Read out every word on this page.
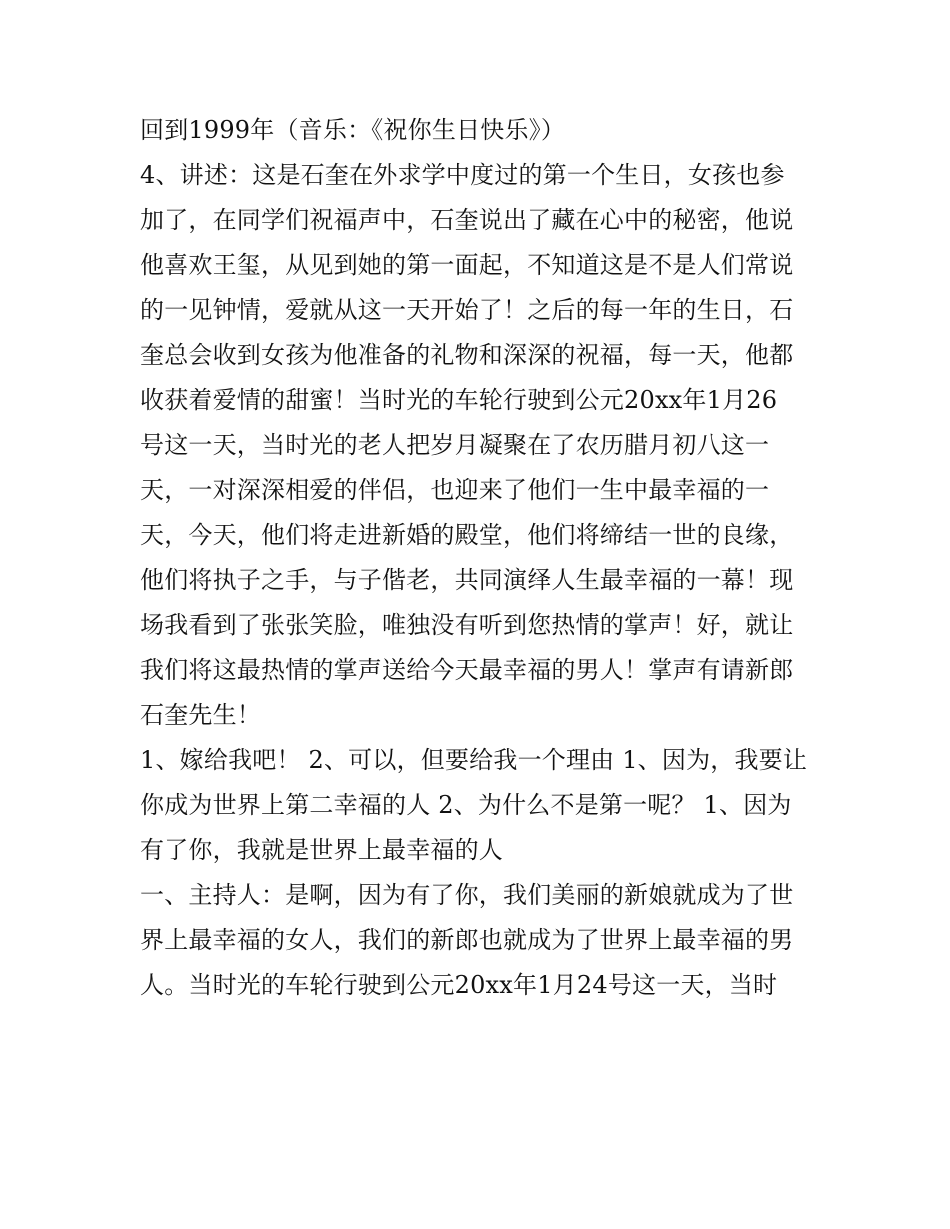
回到1999年（音乐：《祝你生日快乐》）
4、讲述：这是石奎在外求学中度过的第一个生日，女孩也参
加了，在同学们祝福声中，石奎说出了藏在心中的秘密，他说
他喜欢王玺，从见到她的第一面起，不知道这是不是人们常说
的一见钟情，爱就从这一天开始了！之后的每一年的生日，石
奎总会收到女孩为他准备的礼物和深深的祝福，每一天，他都
收获着爱情的甜蜜！当时光的车轮行驶到公元20xx年1月26
号这一天，当时光的老人把岁月凝聚在了农历腊月初八这一
天，一对深深相爱的伴侣，也迎来了他们一生中最幸福的一
天，今天，他们将走进新婚的殿堂，他们将缔结一世的良缘，
他们将执子之手，与子偕老，共同演绎人生最幸福的一幕！现
场我看到了张张笑脸，唯独没有听到您热情的掌声！好，就让
我们将这最热情的掌声送给今天最幸福的男人！掌声有请新郎
石奎先生！
1、嫁给我吧！ 2、可以，但要给我一个理由 1、因为，我要让
你成为世界上第二幸福的人 2、为什么不是第一呢？ 1、因为
有了你，我就是世界上最幸福的人
一、主持人：是啊，因为有了你，我们美丽的新娘就成为了世
界上最幸福的女人，我们的新郎也就成为了世界上最幸福的男
人。当时光的车轮行驶到公元20xx年1月24号这一天，当时
